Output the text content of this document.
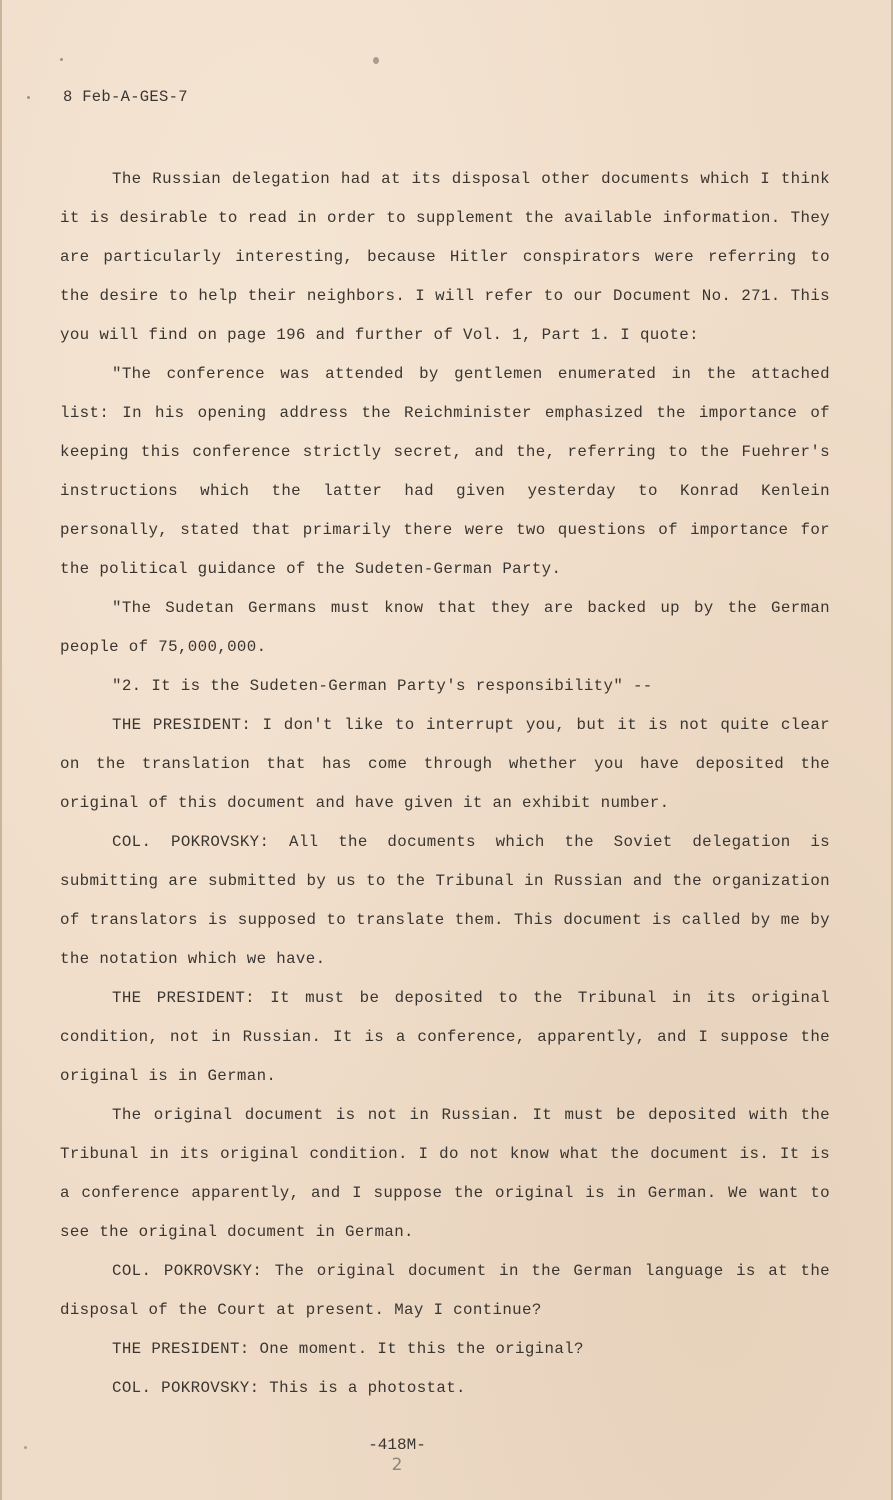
8 Feb-A-GES-7

The Russian delegation had at its disposal other documents which I think it is desirable to read in order to supplement the available information. They are particularly interesting, because Hitler conspirators were referring to the desire to help their neighbors. I will refer to our Document No. 271. This you will find on page 196 and further of Vol. 1, Part 1. I quote:

"The conference was attended by gentlemen enumerated in the attached list: In his opening address the Reichminister emphasized the importance of keeping this conference strictly secret, and the, referring to the Fuehrer's instructions which the latter had given yesterday to Konrad Kenlein personally, stated that primarily there were two questions of importance for the political guidance of the Sudeten-German Party.

"The Sudetan Germans must know that they are backed up by the German people of 75,000,000.

"2. It is the Sudeten-German Party's responsibility" --

THE PRESIDENT: I don't like to interrupt you, but it is not quite clear on the translation that has come through whether you have deposited the original of this document and have given it an exhibit number.

COL. POKROVSKY: All the documents which the Soviet delegation is submitting are submitted by us to the Tribunal in Russian and the organization of translators is supposed to translate them. This document is called by me by the notation which we have.

THE PRESIDENT: It must be deposited to the Tribunal in its original condition, not in Russian. It is a conference, apparently, and I suppose the original is in German.

The original document is not in Russian. It must be deposited with the Tribunal in its original condition. I do not know what the document is. It is a conference apparently, and I suppose the original is in German. We want to see the original document in German.

COL. POKROVSKY: The original document in the German language is at the disposal of the Court at present. May I continue?

THE PRESIDENT: One moment. It this the original?

COL. POKROVSKY: This is a photostat.

-418M-
2
